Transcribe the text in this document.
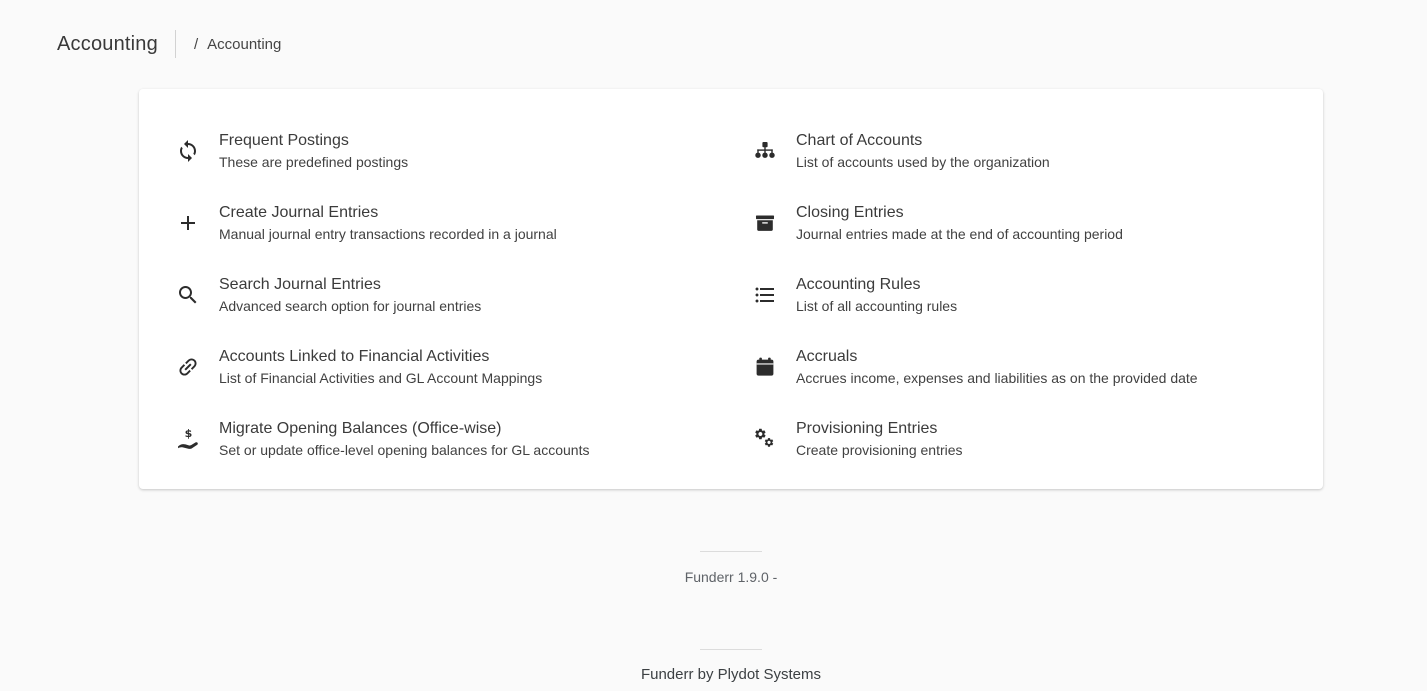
Accounting / Accounting
Frequent Postings
These are predefined postings
Chart of Accounts
List of accounts used by the organization
Create Journal Entries
Manual journal entry transactions recorded in a journal
Closing Entries
Journal entries made at the end of accounting period
Search Journal Entries
Advanced search option for journal entries
Accounting Rules
List of all accounting rules
Accounts Linked to Financial Activities
List of Financial Activities and GL Account Mappings
Accruals
Accrues income, expenses and liabilities as on the provided date
$ Migrate Opening Balances (Office-wise)
Set or update office-level opening balances for GL accounts
Provisioning Entries
Create provisioning entries
Funderr 1.9.0 -
Funderr by Plydot Systems
